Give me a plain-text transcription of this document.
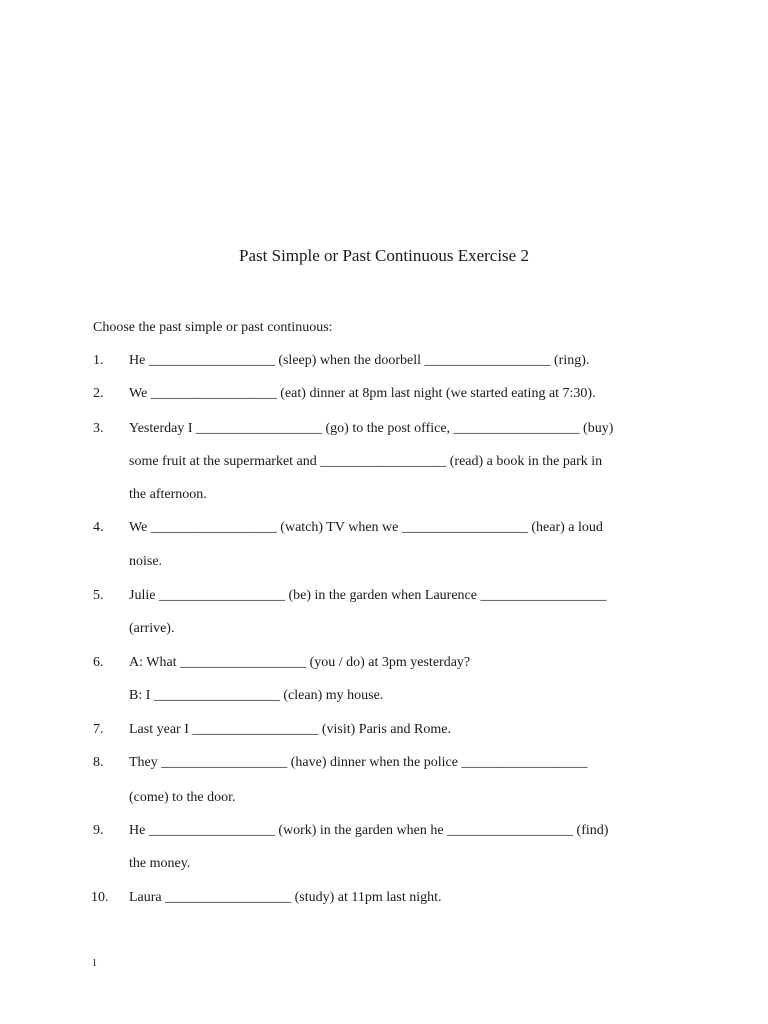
Past Simple or Past Continuous Exercise 2
Choose the past simple or past continuous:
1. He __________________ (sleep) when the doorbell __________________ (ring).
2. We __________________ (eat) dinner at 8pm last night (we started eating at 7:30).
3. Yesterday I __________________ (go) to the post office, __________________ (buy)
some fruit at the supermarket and __________________ (read) a book in the park in
the afternoon.
4. We __________________ (watch) TV when we __________________ (hear) a loud
noise.
5. Julie __________________ (be) in the garden when Laurence __________________
(arrive).
6. A: What __________________ (you / do) at 3pm yesterday?
B: I __________________ (clean) my house.
7. Last year I __________________ (visit) Paris and Rome.
8. They __________________ (have) dinner when the police __________________
(come) to the door.
9. He __________________ (work) in the garden when he __________________ (find)
the money.
10. Laura __________________ (study) at 11pm last night.
1
